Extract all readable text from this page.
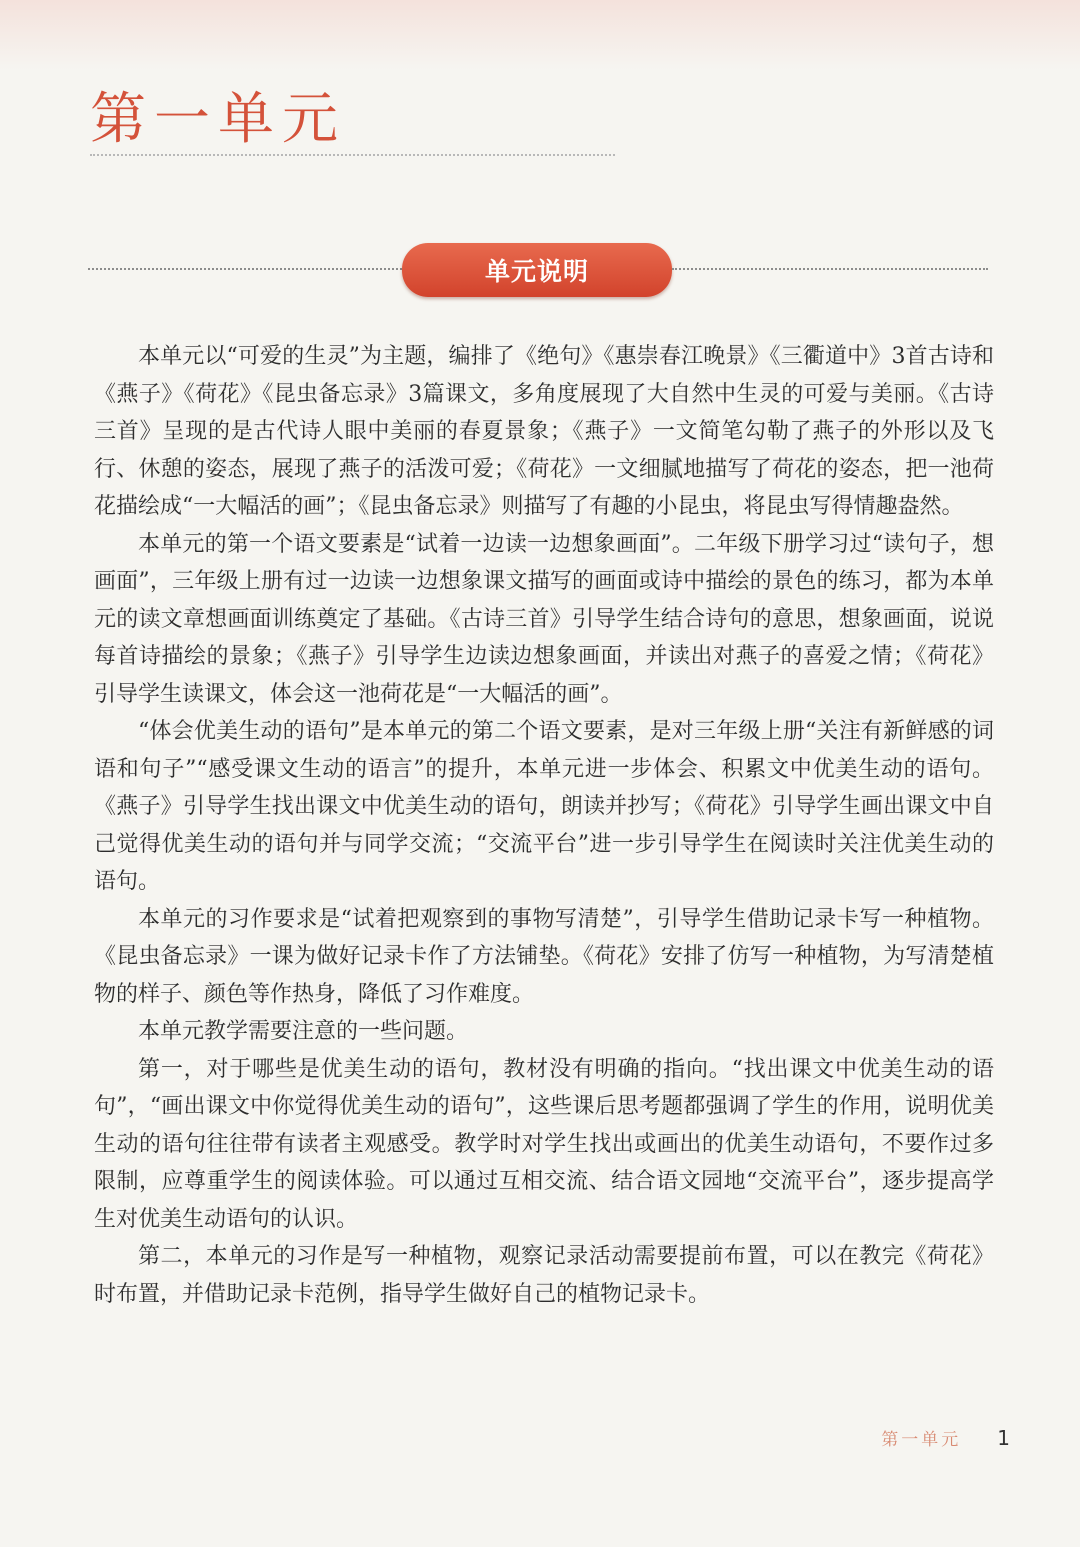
第一单元
单元说明

本单元以“可爱的生灵”为主题，编排了《绝句》《惠崇春江晚景》《三衢道中》3首古诗和《燕子》《荷花》《昆虫备忘录》3篇课文，多角度展现了大自然中生灵的可爱与美丽。《古诗三首》呈现的是古代诗人眼中美丽的春夏景象；《燕子》一文简笔勾勒了燕子的外形以及飞行、休憩的姿态，展现了燕子的活泼可爱；《荷花》一文细腻地描写了荷花的姿态，把一池荷花描绘成“一大幅活的画”；《昆虫备忘录》则描写了有趣的小昆虫，将昆虫写得情趣盎然。

本单元的第一个语文要素是“试着一边读一边想象画面”。二年级下册学习过“读句子，想画面”，三年级上册有过一边读一边想象课文描写的画面或诗中描绘的景色的练习，都为本单元的读文章想画面训练奠定了基础。《古诗三首》引导学生结合诗句的意思，想象画面，说说每首诗描绘的景象；《燕子》引导学生边读边想象画面，并读出对燕子的喜爱之情；《荷花》引导学生读课文，体会这一池荷花是“一大幅活的画”。

“体会优美生动的语句”是本单元的第二个语文要素，是对三年级上册“关注有新鲜感的词语和句子”“感受课文生动的语言”的提升，本单元进一步体会、积累文中优美生动的语句。《燕子》引导学生找出课文中优美生动的语句，朗读并抄写；《荷花》引导学生画出课文中自己觉得优美生动的语句并与同学交流；“交流平台”进一步引导学生在阅读时关注优美生动的语句。

本单元的习作要求是“试着把观察到的事物写清楚”，引导学生借助记录卡写一种植物。《昆虫备忘录》一课为做好记录卡作了方法铺垫。《荷花》安排了仿写一种植物，为写清楚植物的样子、颜色等作热身，降低了习作难度。

本单元教学需要注意的一些问题。

第一，对于哪些是优美生动的语句，教材没有明确的指向。“找出课文中优美生动的语句”，“画出课文中你觉得优美生动的语句”，这些课后思考题都强调了学生的作用，说明优美生动的语句往往带有读者主观感受。教学时对学生找出或画出的优美生动语句，不要作过多限制，应尊重学生的阅读体验。可以通过互相交流、结合语文园地“交流平台”，逐步提高学生对优美生动语句的认识。

第二，本单元的习作是写一种植物，观察记录活动需要提前布置，可以在教完《荷花》时布置，并借助记录卡范例，指导学生做好自己的植物记录卡。

第一单元 1
